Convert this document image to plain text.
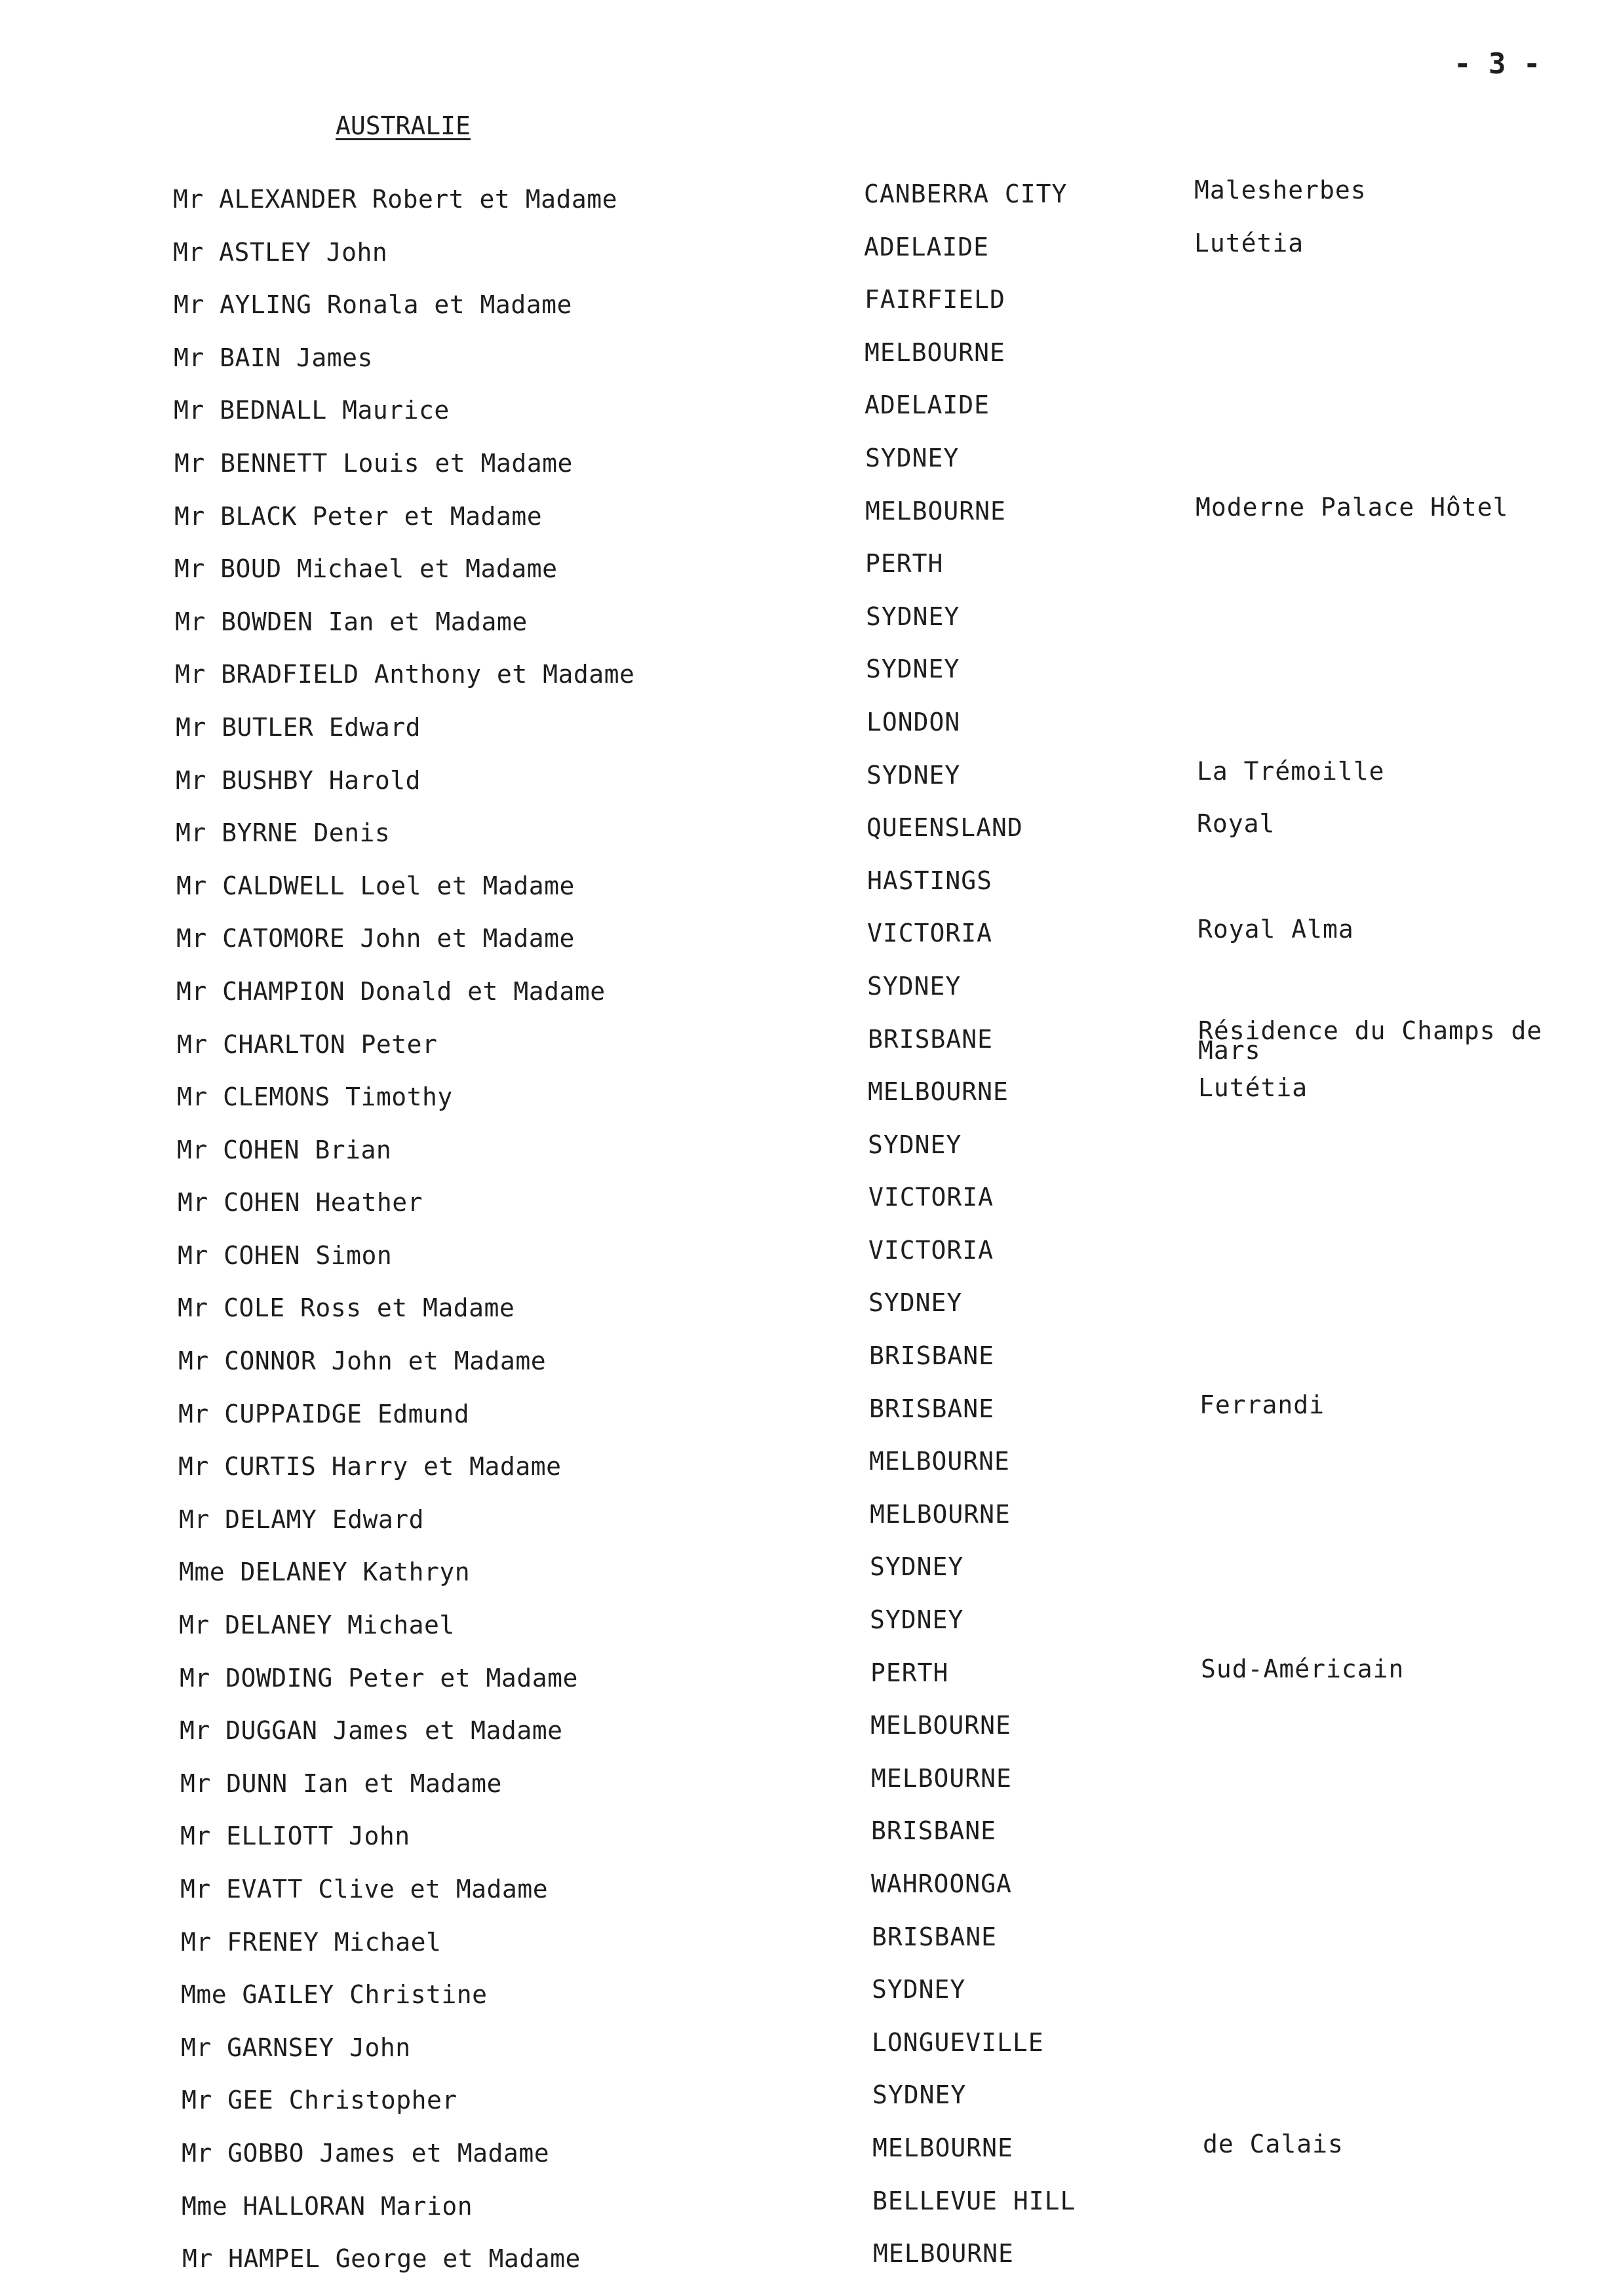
- 3 -
AUSTRALIE
Mr ALEXANDER Robert et Madame	CANBERRA CITY	Malesherbes
Mr ASTLEY John	ADELAIDE	Lutétia
Mr AYLING Ronala et Madame	FAIRFIELD
Mr BAIN James	MELBOURNE
Mr BEDNALL Maurice	ADELAIDE
Mr BENNETT Louis et Madame	SYDNEY
Mr BLACK Peter et Madame	MELBOURNE	Moderne Palace Hôtel
Mr BOUD Michael et Madame	PERTH
Mr BOWDEN Ian et Madame	SYDNEY
Mr BRADFIELD Anthony et Madame	SYDNEY
Mr BUTLER Edward	LONDON
Mr BUSHBY Harold	SYDNEY	La Trémoille
Mr BYRNE Denis	QUEENSLAND	Royal
Mr CALDWELL Loel et Madame	HASTINGS
Mr CATOMORE John et Madame	VICTORIA	Royal Alma
Mr CHAMPION Donald et Madame	SYDNEY
Mr CHARLTON Peter	BRISBANE	Résidence du Champs de Mars
Mr CLEMONS Timothy	MELBOURNE	Lutétia
Mr COHEN Brian	SYDNEY
Mr COHEN Heather	VICTORIA
Mr COHEN Simon	VICTORIA
Mr COLE Ross et Madame	SYDNEY
Mr CONNOR John et Madame	BRISBANE
Mr CUPPAIDGE Edmund	BRISBANE	Ferrandi
Mr CURTIS Harry et Madame	MELBOURNE
Mr DELAMY Edward	MELBOURNE
Mme DELANEY Kathryn	SYDNEY
Mr DELANEY Michael	SYDNEY
Mr DOWDING Peter et Madame	PERTH	Sud-Américain
Mr DUGGAN James et Madame	MELBOURNE
Mr DUNN Ian et Madame	MELBOURNE
Mr ELLIOTT John	BRISBANE
Mr EVATT Clive et Madame	WAHROONGA
Mr FRENEY Michael	BRISBANE
Mme GAILEY Christine	SYDNEY
Mr GARNSEY John	LONGUEVILLE
Mr GEE Christopher	SYDNEY
Mr GOBBO James et Madame	MELBOURNE	de Calais
Mme HALLORAN Marion	BELLEVUE HILL
Mr HAMPEL George et Madame	MELBOURNE
